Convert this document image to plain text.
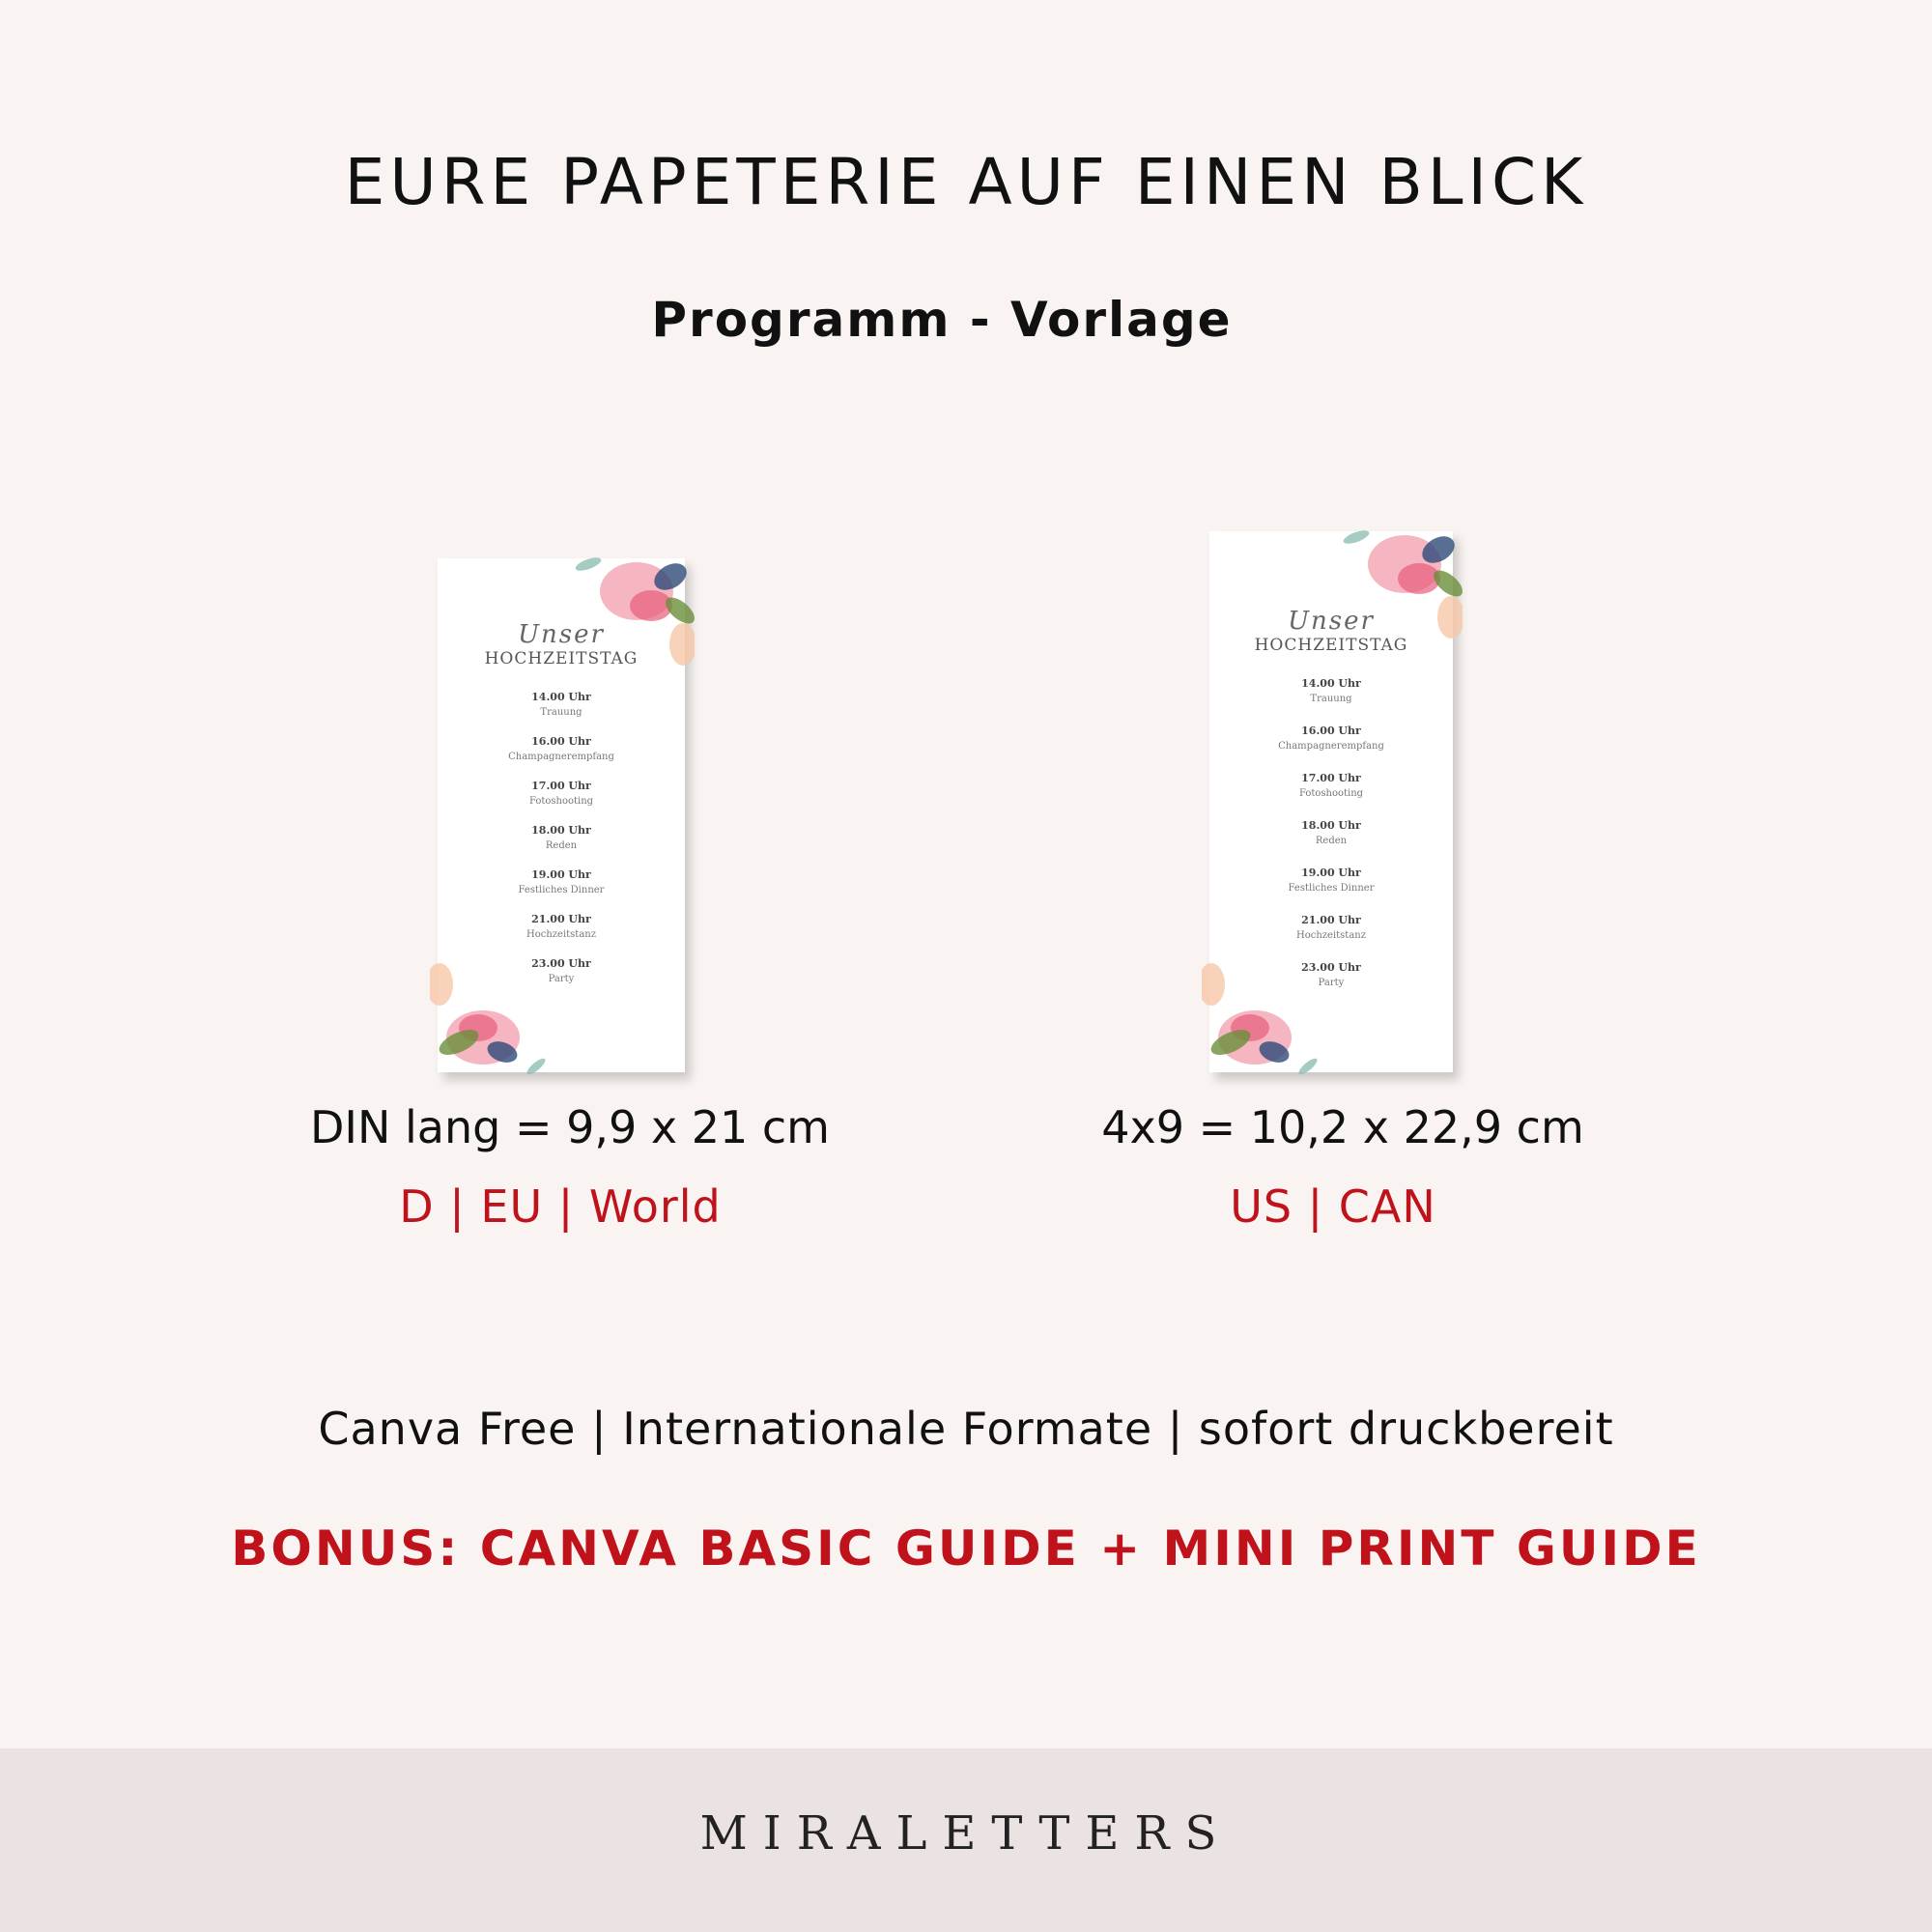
EURE PAPETERIE AUF EINEN BLICK
Programm - Vorlage
Unser
HOCHZEITSTAG
14.00 Uhr
Trauung
16.00 Uhr
Champagnerempfang
17.00 Uhr
Fotoshooting
18.00 Uhr
Reden
19.00 Uhr
Festliches Dinner
21.00 Uhr
Hochzeitstanz
23.00 Uhr
Party
Unser
HOCHZEITSTAG
14.00 Uhr
Trauung
16.00 Uhr
Champagnerempfang
17.00 Uhr
Fotoshooting
18.00 Uhr
Reden
19.00 Uhr
Festliches Dinner
21.00 Uhr
Hochzeitstanz
23.00 Uhr
Party
DIN lang = 9,9 x 21 cm
D | EU | World
4x9 = 10,2 x 22,9 cm
US | CAN
Canva Free | Internationale Formate | sofort druckbereit
BONUS: CANVA BASIC GUIDE + MINI PRINT GUIDE
MIRALETTERS
